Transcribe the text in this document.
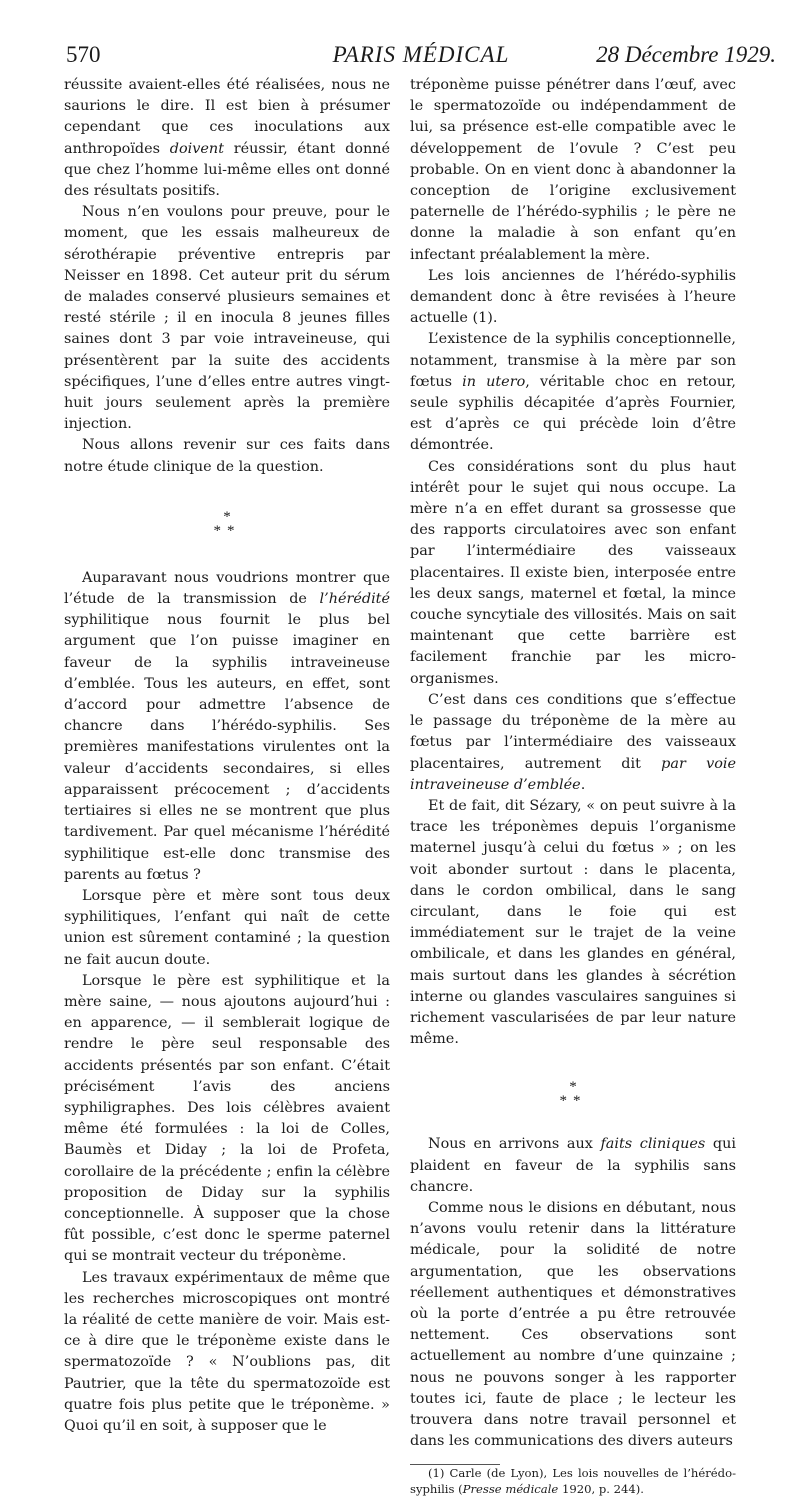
570	PARIS MÉDICAL	28 Décembre 1929.

réussite avaient-elles été réalisées, nous ne saurions le dire. Il est bien à présumer cependant que ces inoculations aux anthropoïdes doivent réussir, étant donné que chez l’homme lui-même elles ont donné des résultats positifs.

Nous n’en voulons pour preuve, pour le moment, que les essais malheureux de sérothérapie préventive entrepris par Neisser en 1898. Cet auteur prit du sérum de malades conservé plusieurs semaines et resté stérile ; il en inocula 8 jeunes filles saines dont 3 par voie intraveineuse, qui présentèrent par la suite des accidents spécifiques, l’une d’elles entre autres vingt-huit jours seulement après la première injection.

Nous allons revenir sur ces faits dans notre étude clinique de la question.

*
**

Auparavant nous voudrions montrer que l’étude de la transmission de l’hérédité syphilitique nous fournit le plus bel argument que l’on puisse imaginer en faveur de la syphilis intraveineuse d’emblée. Tous les auteurs, en effet, sont d’accord pour admettre l’absence de chancre dans l’hérédo-syphilis. Ses premières manifestations virulentes ont la valeur d’accidents secondaires, si elles apparaissent précocement ; d’accidents tertiaires si elles ne se montrent que plus tardivement. Par quel mécanisme l’hérédité syphilitique est-elle donc transmise des parents au fœtus ?

Lorsque père et mère sont tous deux syphilitiques, l’enfant qui naît de cette union est sûrement contaminé ; la question ne fait aucun doute.

Lorsque le père est syphilitique et la mère saine, — nous ajoutons aujourd’hui : en apparence, — il semblerait logique de rendre le père seul responsable des accidents présentés par son enfant. C’était précisément l’avis des anciens syphiligraphes. Des lois célèbres avaient même été formulées : la loi de Colles, Baumès et Diday ; la loi de Profeta, corollaire de la précédente ; enfin la célèbre proposition de Diday sur la syphilis conceptionnelle. À supposer que la chose fût possible, c’est donc le sperme paternel qui se montrait vecteur du tréponème.

Les travaux expérimentaux de même que les recherches microscopiques ont montré la réalité de cette manière de voir. Mais est-ce à dire que le tréponème existe dans le spermatozoïde ? « N’oublions pas, dit Pautrier, que la tête du spermatozoïde est quatre fois plus petite que le tréponème. » Quoi qu’il en soit, à supposer que le

tréponème puisse pénétrer dans l’œuf, avec le spermatozoïde ou indépendamment de lui, sa présence est-elle compatible avec le développement de l’ovule ? C’est peu probable. On en vient donc à abandonner la conception de l’origine exclusivement paternelle de l’hérédo-syphilis ; le père ne donne la maladie à son enfant qu’en infectant préalablement la mère.

Les lois anciennes de l’hérédo-syphilis demandent donc à être revisées à l’heure actuelle (1).

L’existence de la syphilis conceptionnelle, notamment, transmise à la mère par son fœtus in utero, véritable choc en retour, seule syphilis décapitée d’après Fournier, est d’après ce qui précède loin d’être démontrée.

Ces considérations sont du plus haut intérêt pour le sujet qui nous occupe. La mère n’a en effet durant sa grossesse que des rapports circulatoires avec son enfant par l’intermédiaire des vaisseaux placentaires. Il existe bien, interposée entre les deux sangs, maternel et fœtal, la mince couche syncytiale des villosités. Mais on sait maintenant que cette barrière est facilement franchie par les micro-organismes.

C’est dans ces conditions que s’effectue le passage du tréponème de la mère au fœtus par l’intermédiaire des vaisseaux placentaires, autrement dit par voie intraveineuse d’emblée.

Et de fait, dit Sézary, « on peut suivre à la trace les tréponèmes depuis l’organisme maternel jusqu’à celui du fœtus » ; on les voit abonder surtout : dans le placenta, dans le cordon ombilical, dans le sang circulant, dans le foie qui est immédiatement sur le trajet de la veine ombilicale, et dans les glandes en général, mais surtout dans les glandes à sécrétion interne ou glandes vasculaires sanguines si richement vascularisées de par leur nature même.

*
**

Nous en arrivons aux faits cliniques qui plaident en faveur de la syphilis sans chancre.

Comme nous le disions en débutant, nous n’avons voulu retenir dans la littérature médicale, pour la solidité de notre argumentation, que les observations réellement authentiques et démonstratives où la porte d’entrée a pu être retrouvée nettement. Ces observations sont actuellement au nombre d’une quinzaine ; nous ne pouvons songer à les rapporter toutes ici, faute de place ; le lecteur les trouvera dans notre travail personnel et dans les communications des divers auteurs

(1) Carle (de Lyon), Les lois nouvelles de l’hérédo-syphilis (Presse médicale 1920, p. 244).
